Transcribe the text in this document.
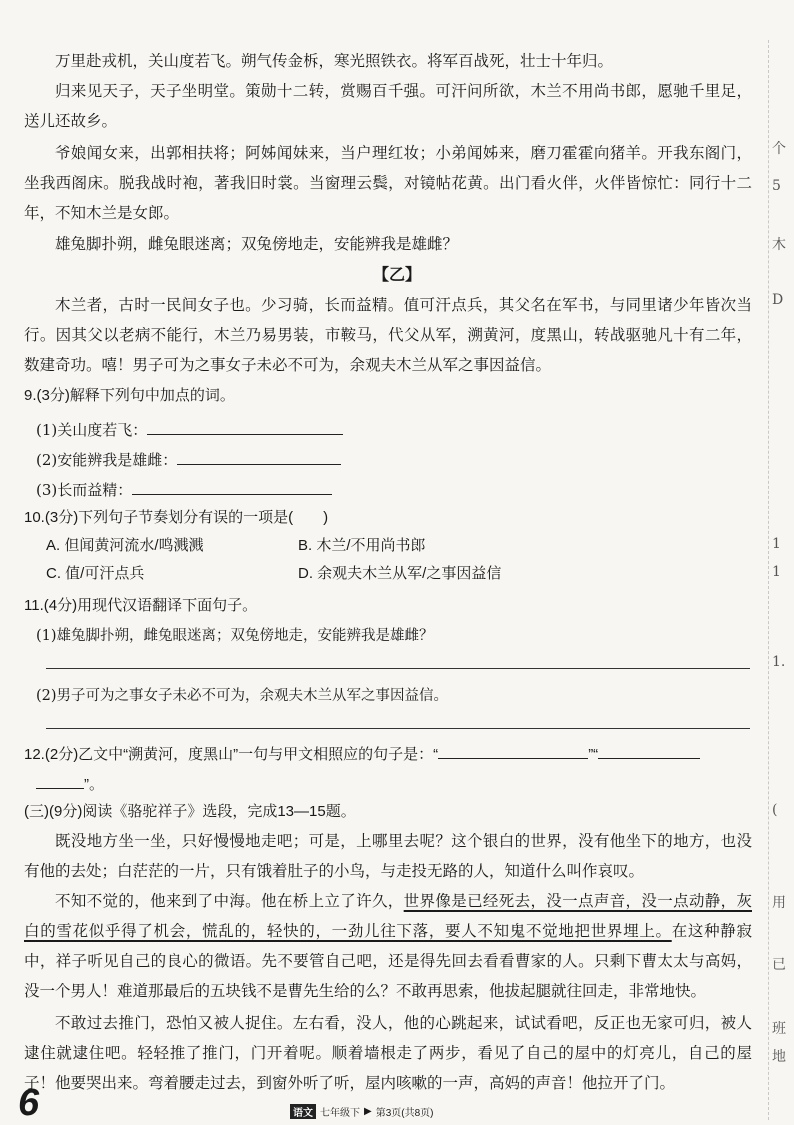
万里赴戎机，关山度若飞。朔气传金柝，寒光照铁衣。将军百战死，壮士十年归。

归来见天子，天子坐明堂。策勋十二转，赏赐百千强。可汗问所欲，木兰不用尚书郎，愿驰千里足，送儿还故乡。

爷娘闻女来，出郭相扶将；阿姊闻妹来，当户理红妆；小弟闻姊来，磨刀霍霍向猪羊。开我东阁门，坐我西阁床。脱我战时袍，著我旧时裳。当窗理云鬓，对镜帖花黄。出门看火伴，火伴皆惊忙：同行十二年，不知木兰是女郎。

雄兔脚扑朔，雌兔眼迷离；双兔傍地走，安能辨我是雄雌？

【乙】

木兰者，古时一民间女子也。少习骑，长而益精。值可汗点兵，其父名在军书，与同里诸少年皆次当行。因其父以老病不能行，木兰乃易男装，市鞍马，代父从军，溯黄河，度黑山，转战驱驰凡十有二年，数建奇功。嘻！男子可为之事女子未必不可为，余观夫木兰从军之事因益信。

9.(3分)解释下列句中加点的词。
(1)关山度若飞：
(2)安能辨我是雄雌：
(3)长而益精：
10.(3分)下列句子节奏划分有误的一项是(　　)
A. 但闻黄河流水/鸣溅溅	B. 木兰/不用尚书郎
C. 值/可汗点兵	D. 余观夫木兰从军/之事因益信
11.(4分)用现代汉语翻译下面句子。
(1)雄兔脚扑朔，雌兔眼迷离；双兔傍地走，安能辨我是雄雌？
(2)男子可为之事女子未必不可为，余观夫木兰从军之事因益信。
12.(2分)乙文中“溯黄河，度黑山”一句与甲文相照应的句子是：“	”“
”。
(三)(9分)阅读《骆驼祥子》选段，完成13—15题。

既没地方坐一坐，只好慢慢地走吧；可是，上哪里去呢？这个银白的世界，没有他坐下的地方，也没有他的去处；白茫茫的一片，只有饿着肚子的小鸟，与走投无路的人，知道什么叫作哀叹。

不知不觉的，他来到了中海。他在桥上立了许久，世界像是已经死去，没一点声音，没一点动静，灰白的雪花似乎得了机会，慌乱的，轻快的，一劲儿往下落，要人不知鬼不觉地把世界埋上。在这种静寂中，祥子听见自己的良心的微语。先不要管自己吧，还是得先回去看看曹家的人。只剩下曹太太与高妈，没一个男人！难道那最后的五块钱不是曹先生给的么？不敢再思索，他拔起腿就往回走，非常地快。

不敢过去推门，恐怕又被人捉住。左右看，没人，他的心跳起来，试试看吧，反正也无家可归，被人逮住就逮住吧。轻轻推了推门，门开着呢。顺着墙根走了两步，看见了自己的屋中的灯亮儿，自己的屋子！他要哭出来。弯着腰走过去，到窗外听了听，屋内咳嗽的一声，高妈的声音！他拉开了门。

个
5
木
D
1
1
1.
(
用
已
班
地
6	语文 七年级下 ▶ 第3页(共8页)
